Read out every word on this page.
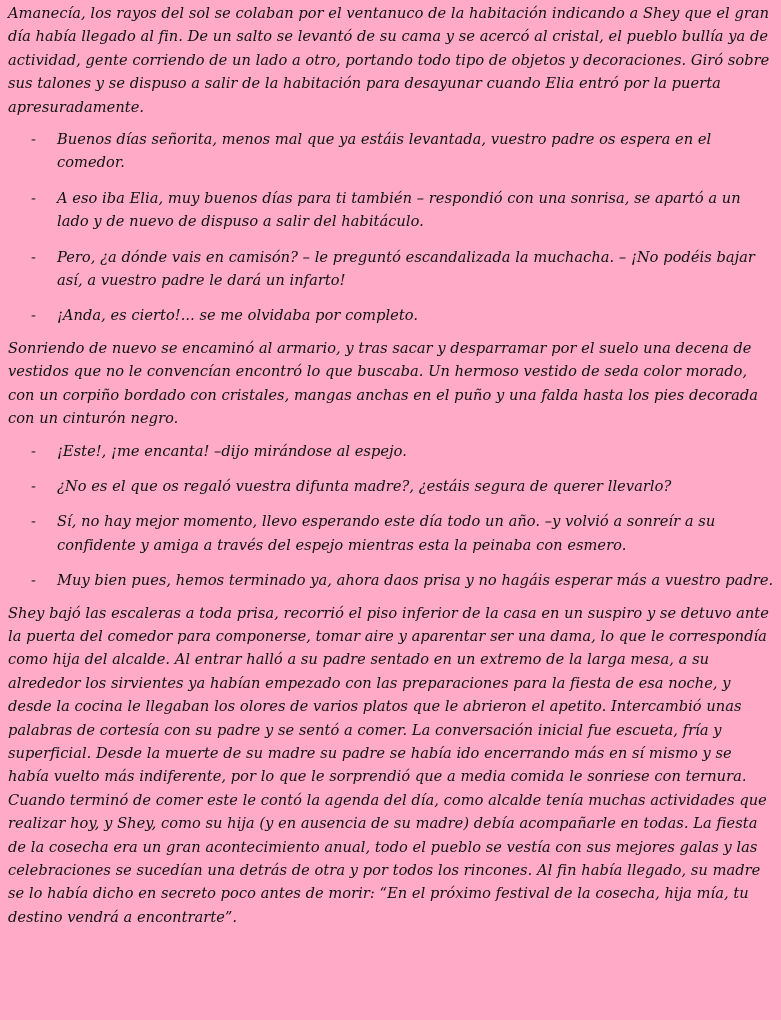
Amanecía, los rayos del sol se colaban por el ventanuco de la habitación indicando a Shey que el gran día había llegado al fin. De un salto se levantó de su cama y se acercó al cristal, el pueblo bullía ya de actividad, gente corriendo de un lado a otro, portando todo tipo de objetos y decoraciones. Giró sobre sus talones y se dispuso a salir de la habitación para desayunar cuando Elia entró por la puerta apresuradamente.

- Buenos días señorita, menos mal que ya estáis levantada, vuestro padre os espera en el comedor.
- A eso iba Elia, muy buenos días para ti también – respondió con una sonrisa, se apartó a un lado y de nuevo de dispuso a salir del habitáculo.
- Pero, ¿a dónde vais en camisón? – le preguntó escandalizada la muchacha. – ¡No podéis bajar así, a vuestro padre le dará un infarto!
- ¡Anda, es cierto!... se me olvidaba por completo.

Sonriendo de nuevo se encaminó al armario, y tras sacar y desparramar por el suelo una decena de vestidos que no le convencían encontró lo que buscaba. Un hermoso vestido de seda color morado, con un corpiño bordado con cristales, mangas anchas en el puño y una falda hasta los pies decorada con un cinturón negro.

- ¡Este!, ¡me encanta! –dijo mirándose al espejo.
- ¿No es el que os regaló vuestra difunta madre?, ¿estáis segura de querer llevarlo?
- Sí, no hay mejor momento, llevo esperando este día todo un año. –y volvió a sonreír a su confidente y amiga a través del espejo mientras esta la peinaba con esmero.
- Muy bien pues, hemos terminado ya, ahora daos prisa y no hagáis esperar más a vuestro padre.

Shey bajó las escaleras a toda prisa, recorrió el piso inferior de la casa en un suspiro y se detuvo ante la puerta del comedor para componerse, tomar aire y aparentar ser una dama, lo que le correspondía como hija del alcalde. Al entrar halló a su padre sentado en un extremo de la larga mesa, a su alrededor los sirvientes ya habían empezado con las preparaciones para la fiesta de esa noche, y desde la cocina le llegaban los olores de varios platos que le abrieron el apetito. Intercambió unas palabras de cortesía con su padre y se sentó a comer. La conversación inicial fue escueta, fría y superficial. Desde la muerte de su madre su padre se había ido encerrando más en sí mismo y se había vuelto más indiferente, por lo que le sorprendió que a media comida le sonriese con ternura. Cuando terminó de comer este le contó la agenda del día, como alcalde tenía muchas actividades que realizar hoy, y Shey, como su hija (y en ausencia de su madre) debía acompañarle en todas. La fiesta de la cosecha era un gran acontecimiento anual, todo el pueblo se vestía con sus mejores galas y las celebraciones se sucedían una detrás de otra y por todos los rincones. Al fin había llegado, su madre se lo había dicho en secreto poco antes de morir: “En el próximo festival de la cosecha, hija mía, tu destino vendrá a encontrarte”.
